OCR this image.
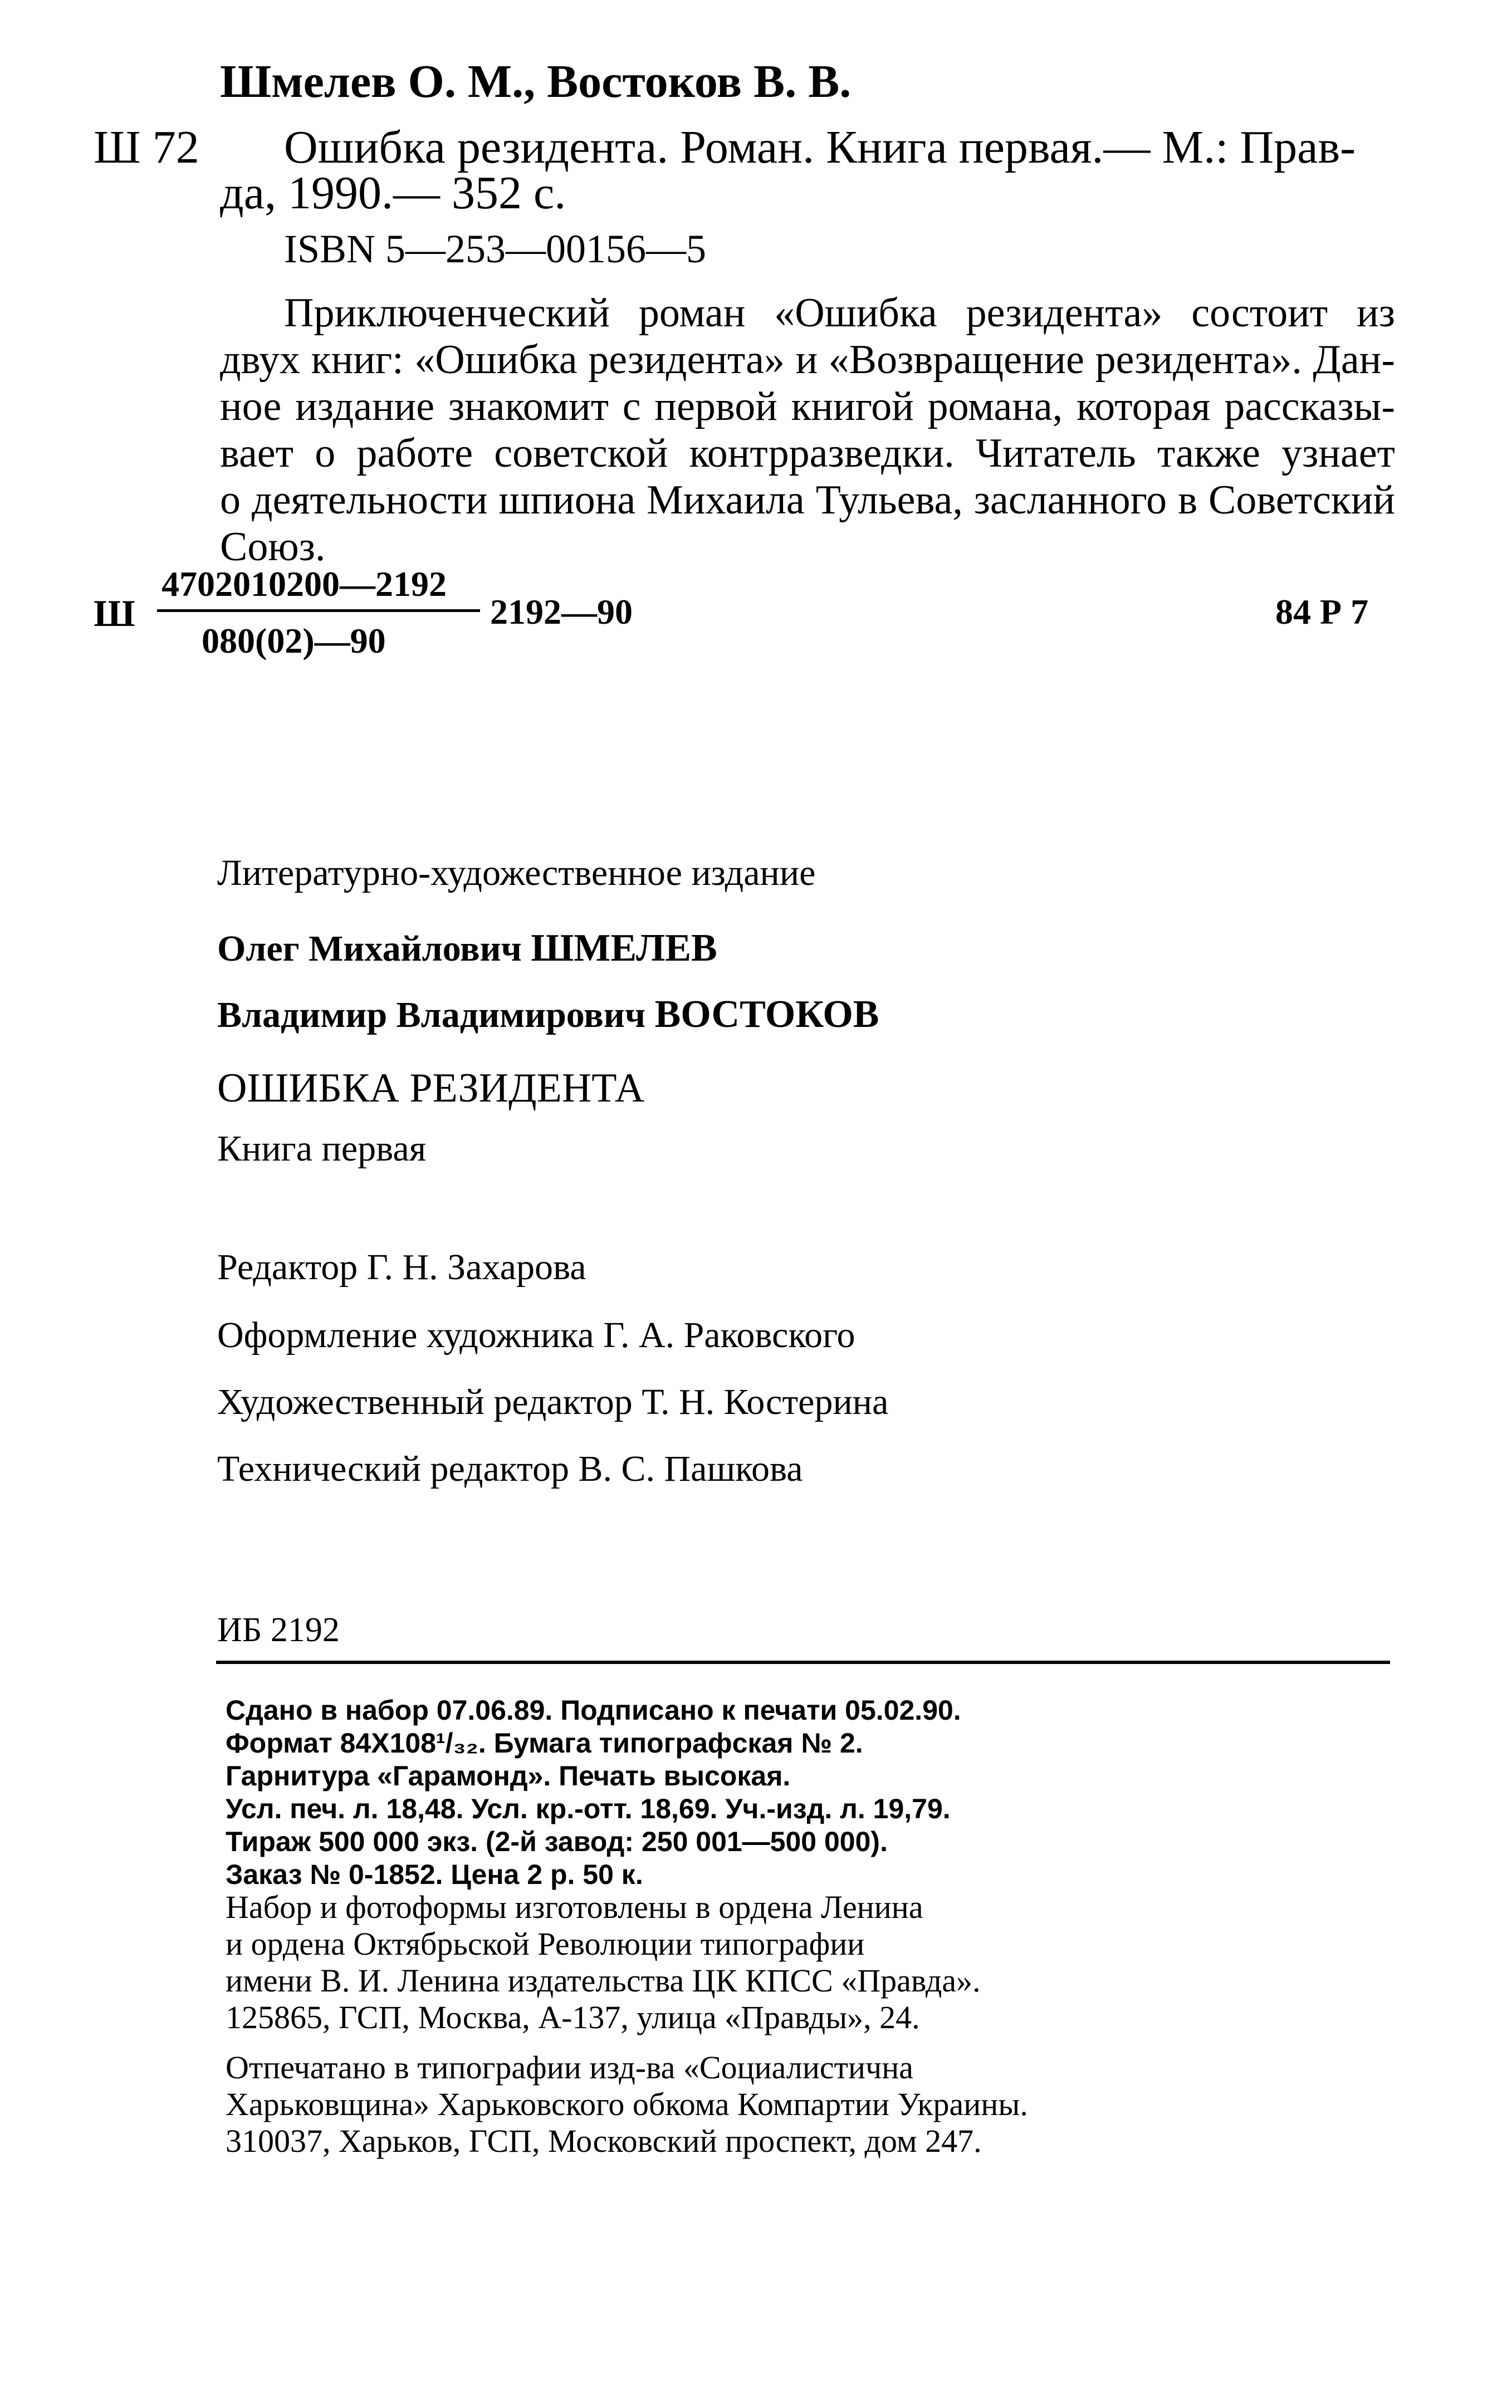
Шмелев О. М., Востоков В. В.
Ш 72 Ошибка резидента. Роман. Книга первая.— М.: Прав-
да, 1990.— 352 с.
ISBN 5—253—00156—5
Приключенческий роман «Ошибка резидента» состоит из
двух книг: «Ошибка резидента» и «Возвращение резидента». Дан-
ное издание знакомит с первой книгой романа, которая рассказы-
вает о работе советской контрразведки. Читатель также узнает
о деятельности шпиона Михаила Тульева, засланного в Советский
Союз.
Ш
4702010200—2192
080(02)—90
2192—90	84 Р 7
Литературно-художественное издание
Олег Михайлович ШМЕЛЕВ
Владимир Владимирович ВОСТОКОВ
ОШИБКА РЕЗИДЕНТА
Книга первая
Редактор Г. Н. Захарова
Оформление художника Г. А. Раковского
Художественный редактор Т. Н. Костерина
Технический редактор В. С. Пашкова
ИБ 2192
Сдано в набор 07.06.89. Подписано к печати 05.02.90.
Формат 84Х108¹/₃₂. Бумага типографская № 2.
Гарнитура «Гарамонд». Печать высокая.
Усл. печ. л. 18,48. Усл. кр.-отт. 18,69. Уч.-изд. л. 19,79.
Тираж 500 000 экз. (2-й завод: 250 001—500 000).
Заказ № 0-1852. Цена 2 р. 50 к.
Набор и фотоформы изготовлены в ордена Ленина
и ордена Октябрьской Революции типографии
имени В. И. Ленина издательства ЦК КПСС «Правда».
125865, ГСП, Москва, А-137, улица «Правды», 24.
Отпечатано в типографии изд-ва «Социалистична
Харьковщина» Харьковского обкома Компартии Украины.
310037, Харьков, ГСП, Московский проспект, дом 247.
